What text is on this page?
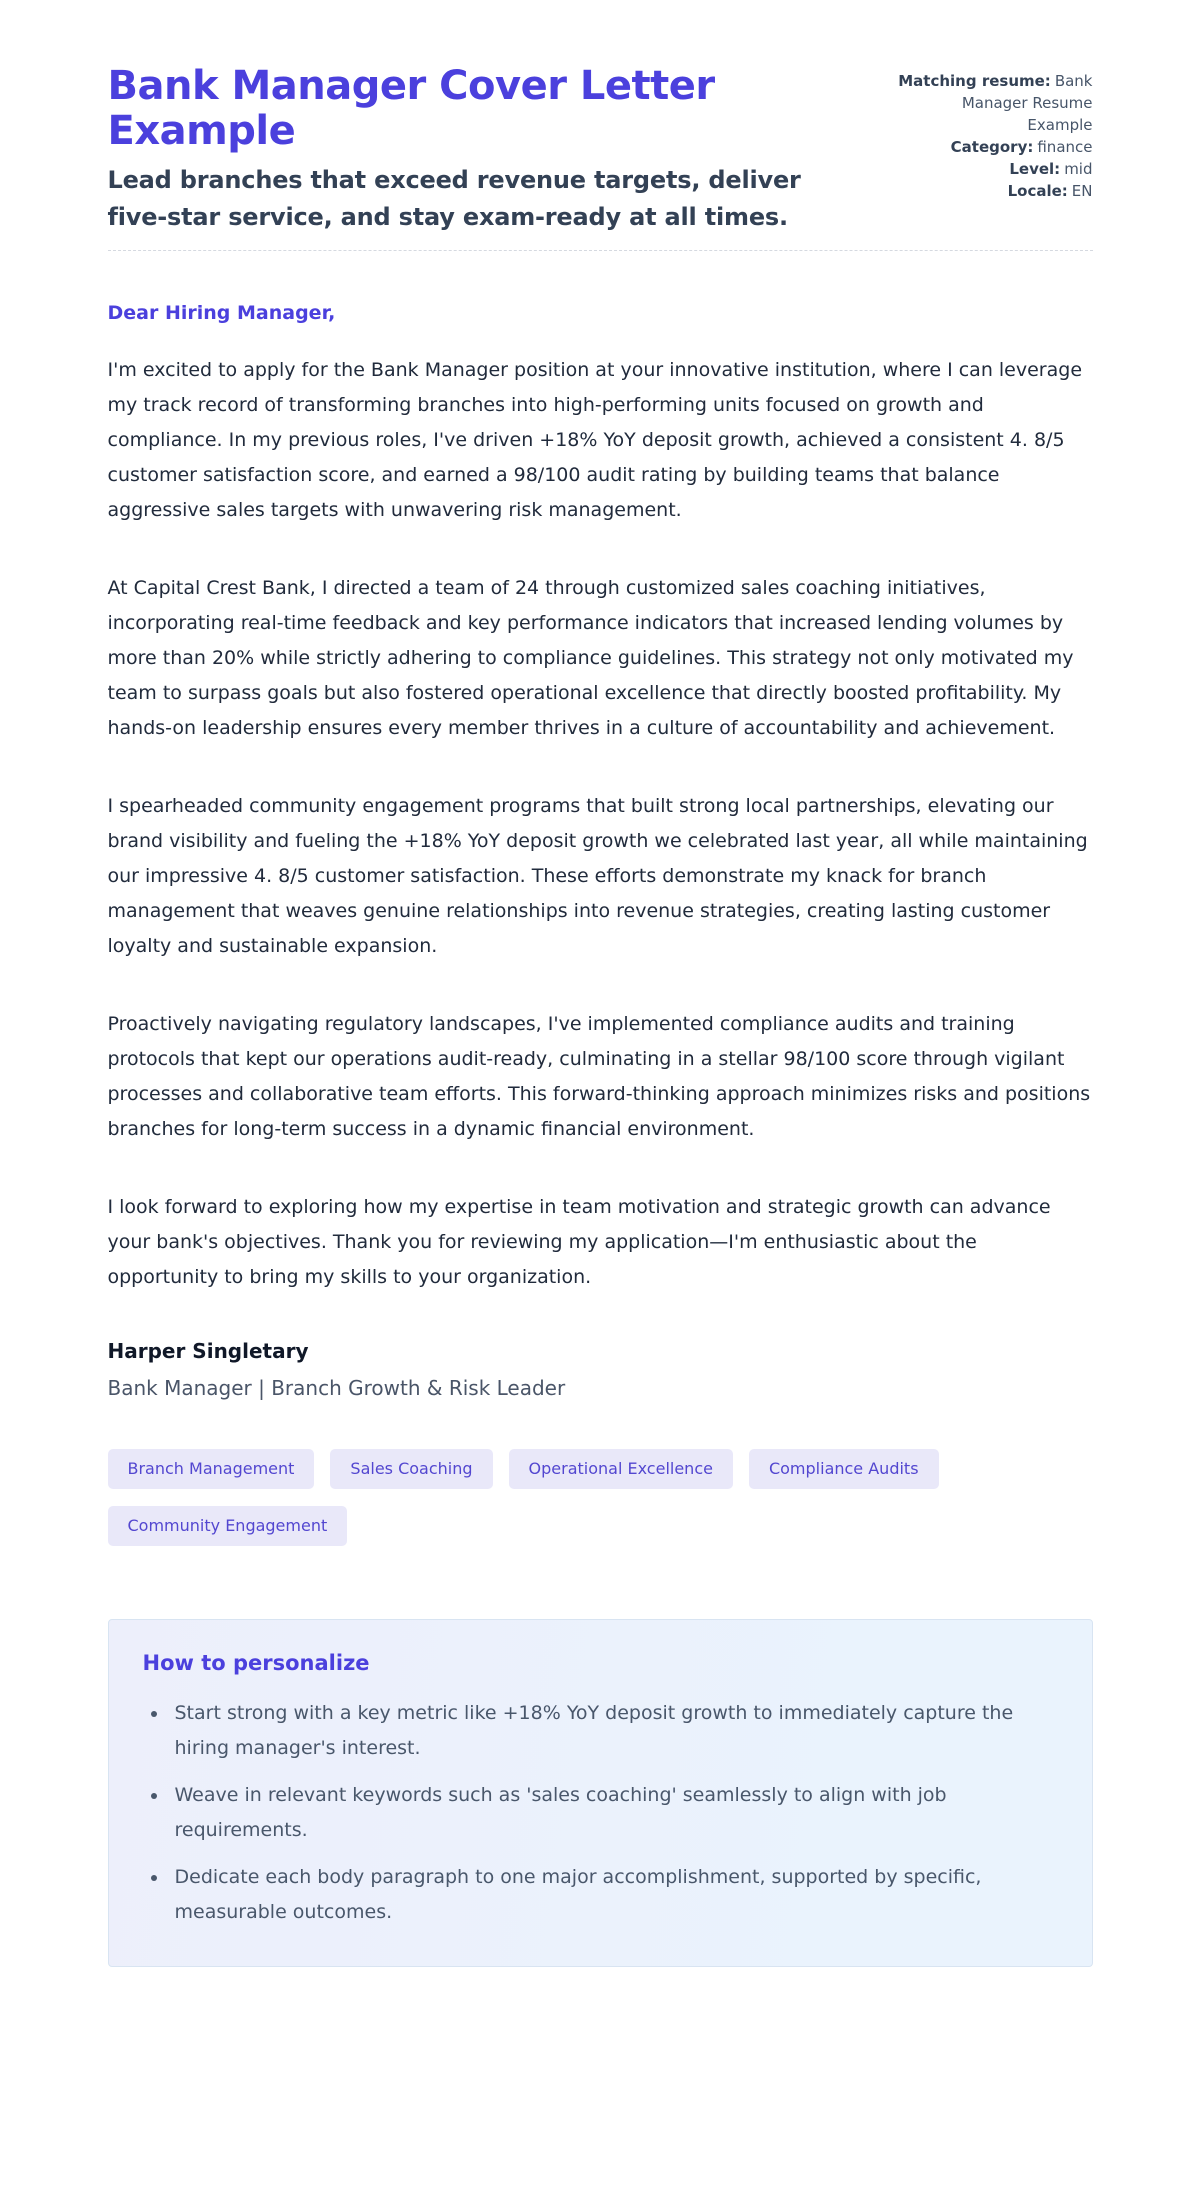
Bank Manager Cover Letter Example

Lead branches that exceed revenue targets, deliver five-star service, and stay exam-ready at all times.

Matching resume: Bank Manager Resume Example
Category: finance
Level: mid
Locale: EN

Dear Hiring Manager,

I'm excited to apply for the Bank Manager position at your innovative institution, where I can leverage my track record of transforming branches into high-performing units focused on growth and compliance. In my previous roles, I've driven +18% YoY deposit growth, achieved a consistent 4. 8/5 customer satisfaction score, and earned a 98/100 audit rating by building teams that balance aggressive sales targets with unwavering risk management.

At Capital Crest Bank, I directed a team of 24 through customized sales coaching initiatives, incorporating real-time feedback and key performance indicators that increased lending volumes by more than 20% while strictly adhering to compliance guidelines. This strategy not only motivated my team to surpass goals but also fostered operational excellence that directly boosted profitability. My hands-on leadership ensures every member thrives in a culture of accountability and achievement.

I spearheaded community engagement programs that built strong local partnerships, elevating our brand visibility and fueling the +18% YoY deposit growth we celebrated last year, all while maintaining our impressive 4. 8/5 customer satisfaction. These efforts demonstrate my knack for branch management that weaves genuine relationships into revenue strategies, creating lasting customer loyalty and sustainable expansion.

Proactively navigating regulatory landscapes, I've implemented compliance audits and training protocols that kept our operations audit-ready, culminating in a stellar 98/100 score through vigilant processes and collaborative team efforts. This forward-thinking approach minimizes risks and positions branches for long-term success in a dynamic financial environment.

I look forward to exploring how my expertise in team motivation and strategic growth can advance your bank's objectives. Thank you for reviewing my application—I'm enthusiastic about the opportunity to bring my skills to your organization.

Harper Singletary

Bank Manager | Branch Growth & Risk Leader

Branch Management	Sales Coaching	Operational Excellence	Compliance Audits
Community Engagement
How to personalize
• Start strong with a key metric like +18% YoY deposit growth to immediately capture the hiring manager's interest.
• Weave in relevant keywords such as 'sales coaching' seamlessly to align with job requirements.
• Dedicate each body paragraph to one major accomplishment, supported by specific, measurable outcomes.
